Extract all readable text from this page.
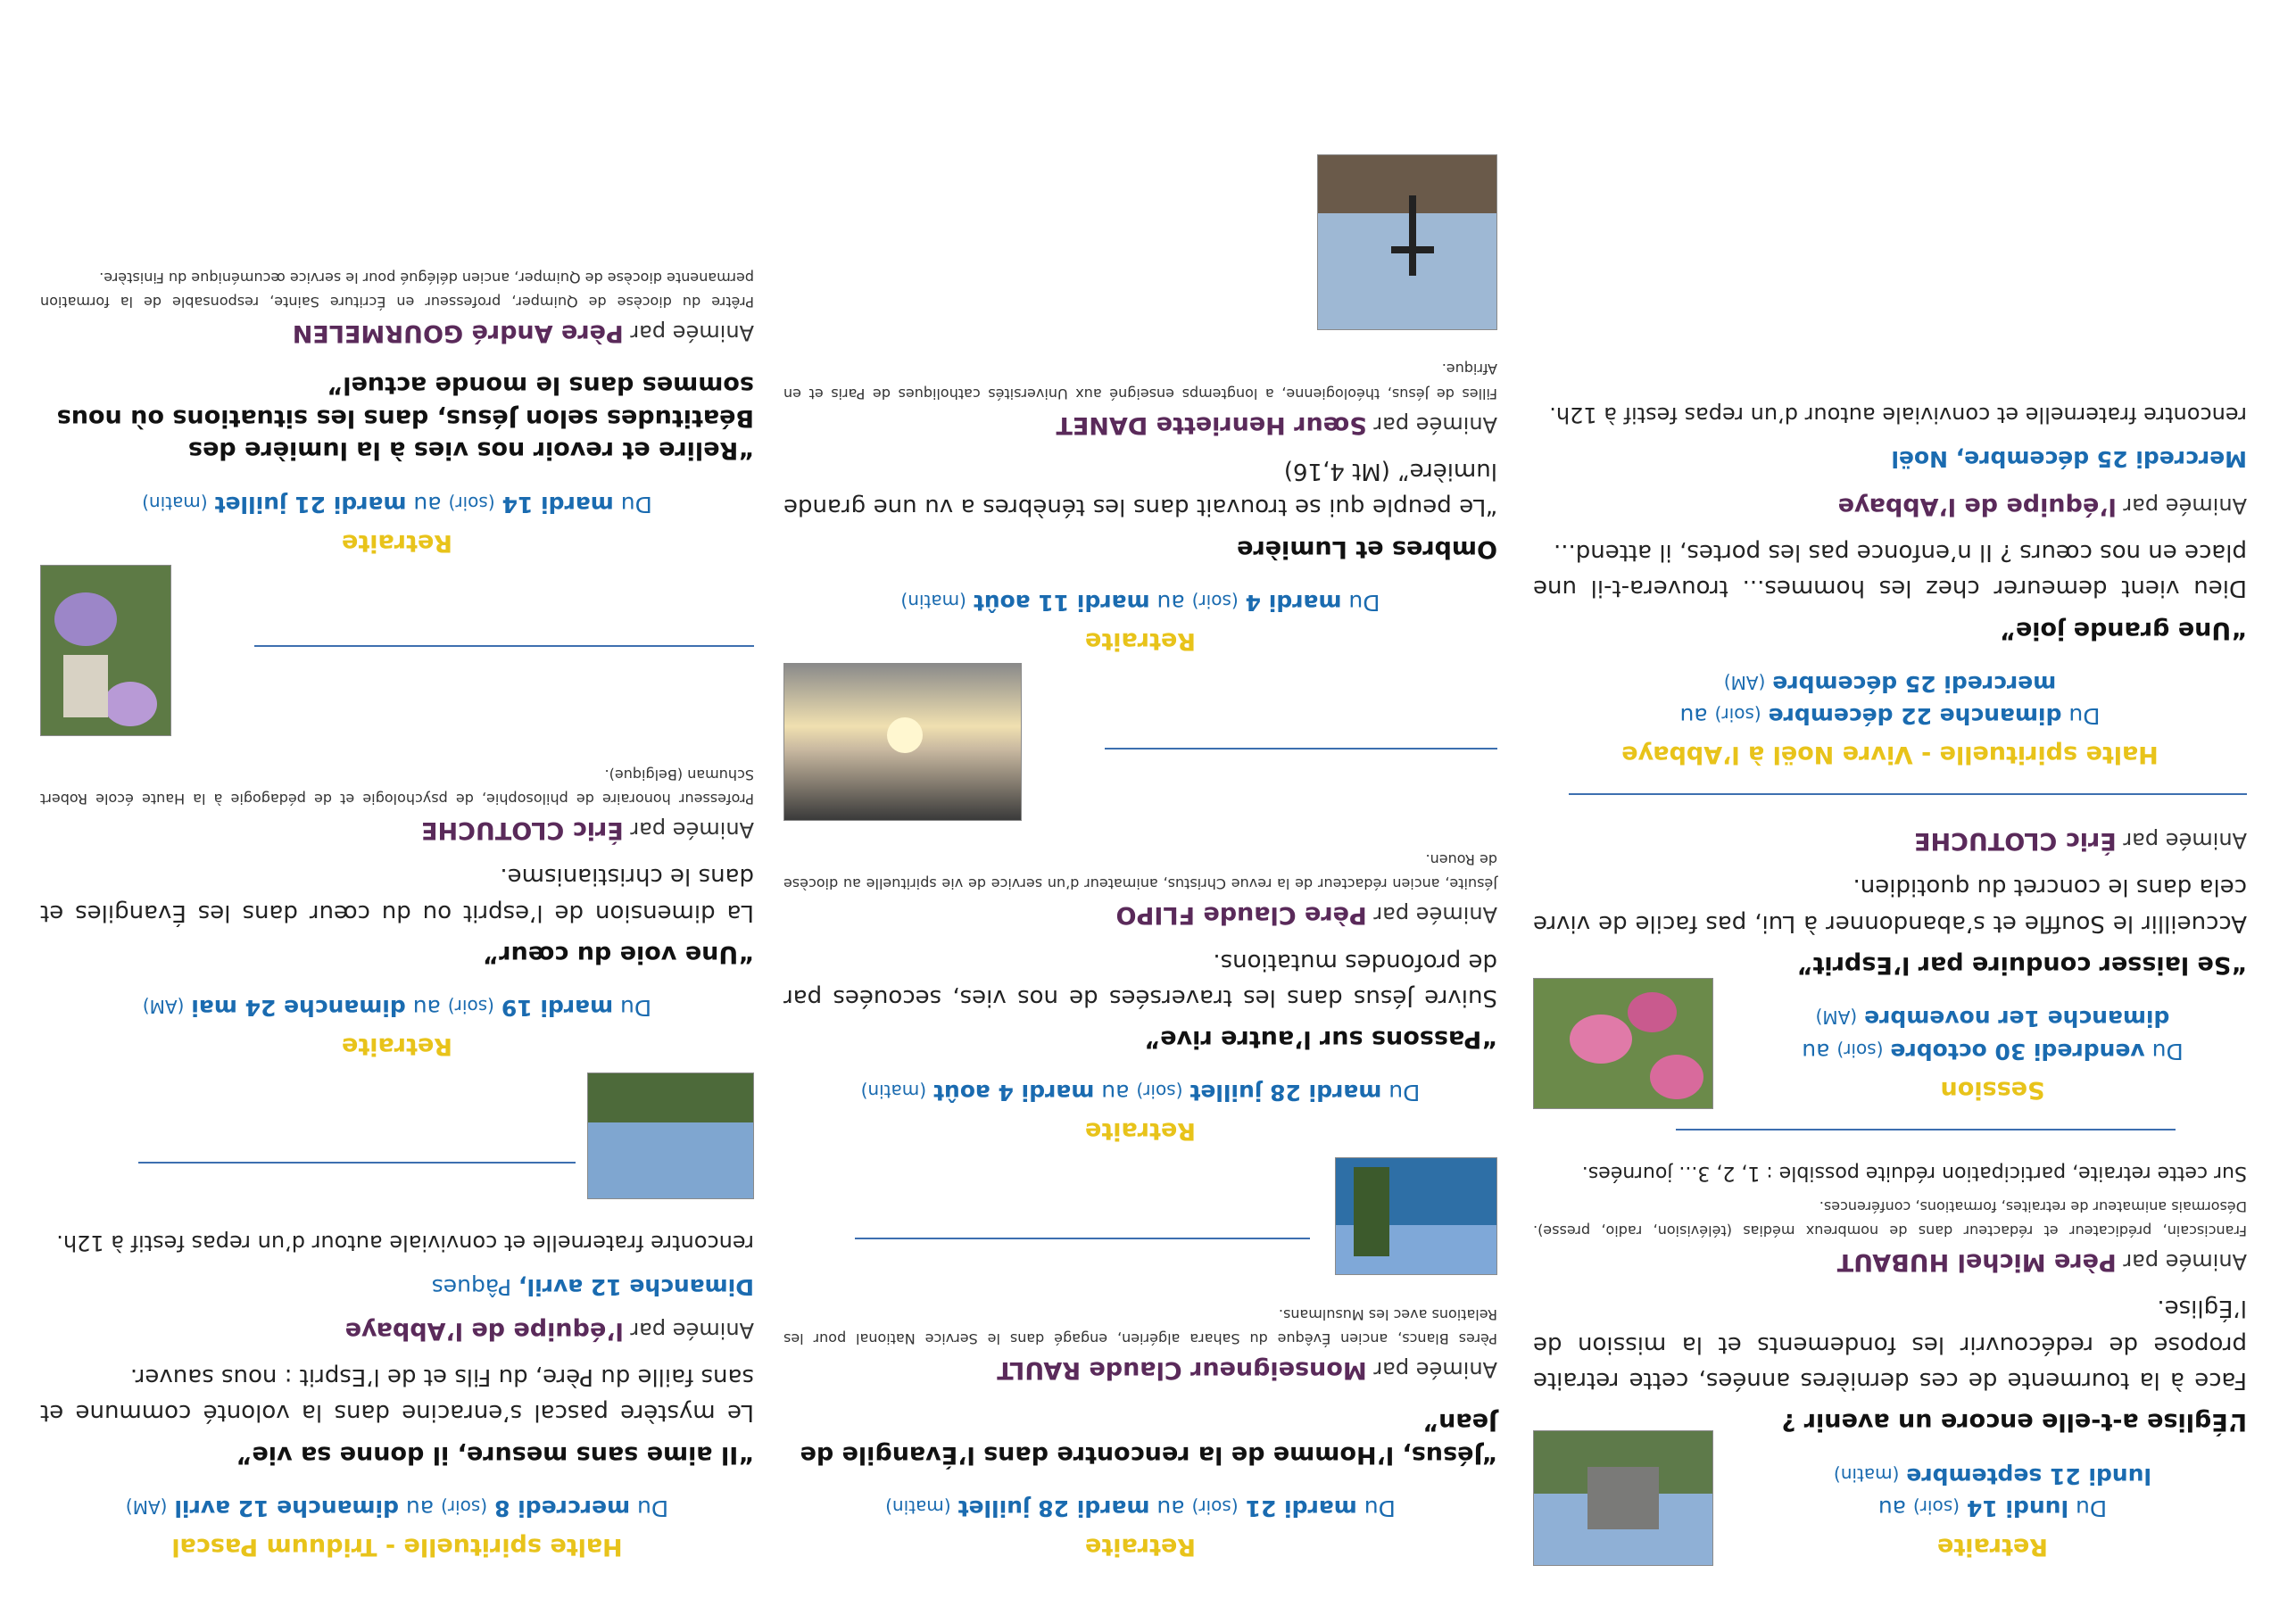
Retraite
Du lundi 14 (soir) au
lundi 21 septembre (matin)
L’Église a-t-elle encore un avenir ?
Face à la tourmente de ces dernières années, cette retraite propose de redécouvrir les fondements et la mission de l’Église.
Animée par Père Michel HUBAUT
Franciscain, prédicateur et rédacteur dans de nombreux médias (télévision, radio, presse). Désormais animateur de retraites, formations, conférences.
Sur cette retraite, participation réduite possible : 1, 2, 3... journées.
Session
Du vendredi 30 octobre (soir) au
dimanche 1er novembre (AM)
“Se laisser conduire par l’Esprit”
Accueillir le Souffle et s’abandonner à Lui, pas facile de vivre cela dans le concret du quotidien.
Animée par Éric CLOTUCHE
Halte spirituelle - Vivre Noël à l’Abbaye
Du dimanche 22 décembre (soir) au
mercredi 25 décembre (AM)
“Une grande joie”
Dieu vient demeurer chez les hommes... trouvera-t-il une place en nos cœurs ? Il n’enfonce pas les portes, il attend...
Animée par l’équipe de l’Abbaye
Mercredi 25 décembre, Noël
rencontre fraternelle et conviviale autour d’un repas festif à 12h.
Retraite
Du mardi 21 (soir) au mardi 28 juillet (matin)
“Jésus, l’Homme de la rencontre dans l’Évangile de Jean”
Animée par Monseigneur Claude RAULT
Pères Blancs, ancien Évêque du Sahara algérien, engagé dans le Service National pour les Relations avec les Musulmans.
Retraite
Du mardi 28 juillet (soir) au mardi 4 août (matin)
“Passons sur l’autre rive”
Suivre Jésus dans les traversées de nos vies, secouées par de profondes mutations.
Animée par Père Claude FLIPO
Jésuite, ancien rédacteur de la revue Christus, animateur d’un service de vie spirituelle au diocèse de Rouen.
Retraite
Du mardi 4 (soir) au mardi 11 août (matin)
Ombres et Lumière
“Le peuple qui se trouvait dans les ténèbres a vu une grande lumière” (Mt 4,16)
Animée par Sœur Henriette DANET
Filles de Jésus, théologienne, a longtemps enseigné aux Universités catholiques de Paris et en Afrique.
Halte spirituelle - Triduum Pascal
Du mercredi 8 (soir) au dimanche 12 avril (AM)
“Il aime sans mesure, il donne sa vie”
Le mystère pascal s’enracine dans la volonté commune et sans faille du Père, du Fils et de l’Esprit : nous sauver.
Animée par l’équipe de l’Abbaye
Dimanche 12 avril, Pâques
rencontre fraternelle et conviviale autour d’un repas festif à 12h.
Retraite
Du mardi 19 (soir) au dimanche 24 mai (AM)
“Une voie du cœur”
La dimension de l’esprit ou du cœur dans les Évangiles et dans le christianisme.
Animée par Éric CLOTUCHE
Professeur honoraire de philosophie, de psychologie et de pédagogie à la Haute école Robert Schuman (Belgique).
Retraite
Du mardi 14 (soir) au mardi 21 juillet (matin)
“Relire et revoir nos vies à la lumière des Béatitudes selon Jésus, dans les situations où nous sommes dans le monde actuel”
Animée par Père André GOURMELEN
Prêtre du diocèse de Quimper, professeur en Écriture Sainte, responsable de la formation permanente diocèse de Quimper, ancien délégué pour le service œcuménique du Finistère.
